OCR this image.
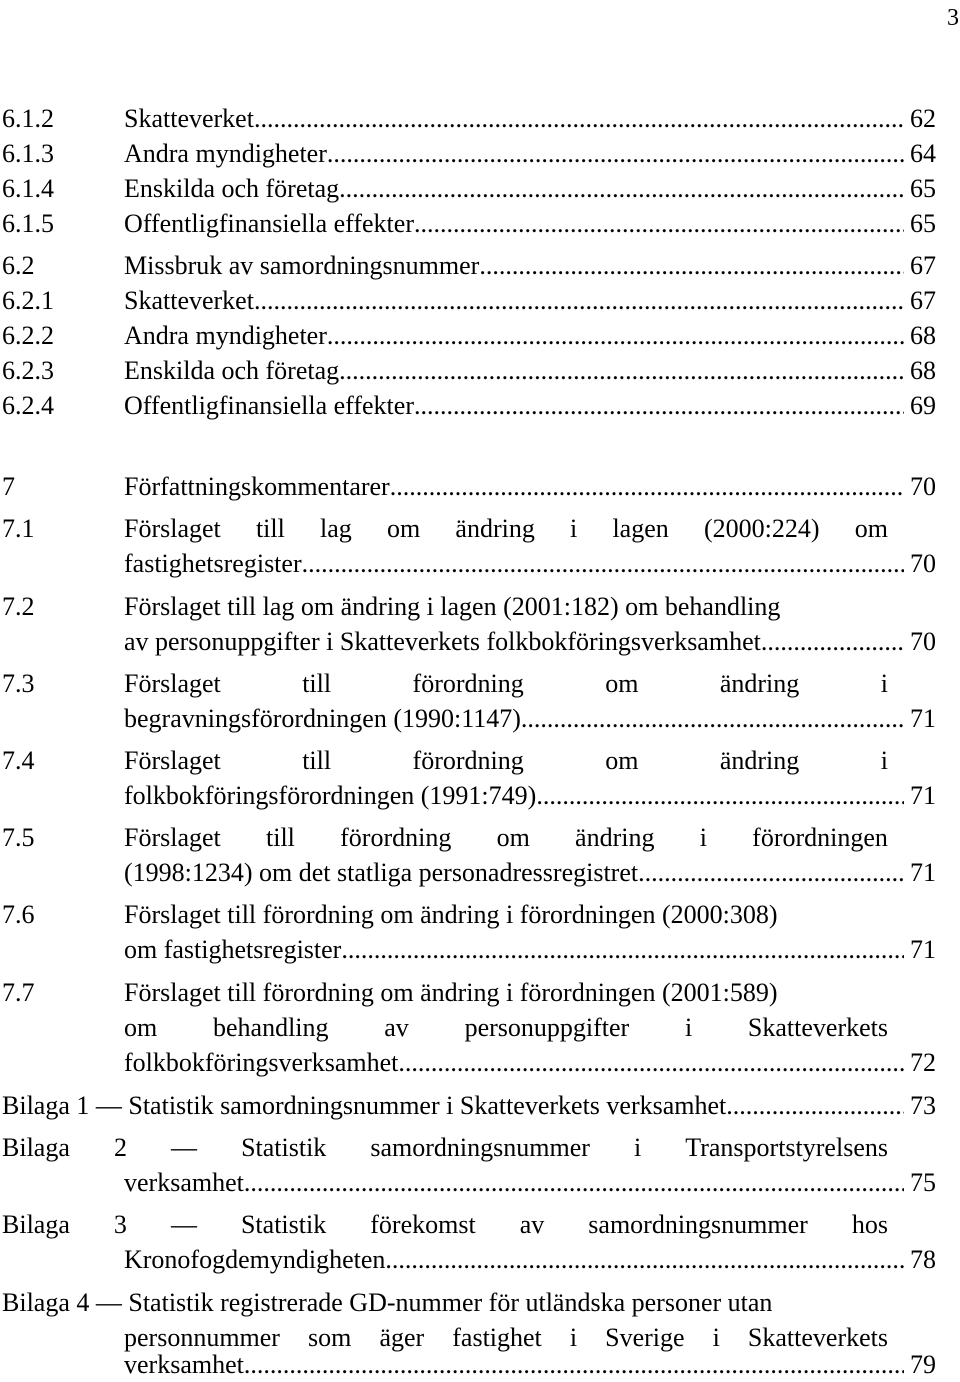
3
6.1.2	Skatteverket .....	62
6.1.3	Andra myndigheter .....	64
6.1.4	Enskilda och företag .....	65
6.1.5	Offentligfinansiella effekter .....	65
6.2	Missbruk av samordningsnummer .....	67
6.2.1	Skatteverket .....	67
6.2.2	Andra myndigheter .....	68
6.2.3	Enskilda och företag .....	68
6.2.4	Offentligfinansiella effekter .....	69
7	Författningskommentarer .....	70
7.1	Förslaget till lag om ändring i lagen (2000:224) om
fastighetsregister .....	70
7.2	Förslaget till lag om ändring i lagen (2001:182) om behandling
av personuppgifter i Skatteverkets folkbokföringsverksamhet .....	70
7.3	Förslaget	till	förordning	om	ändring	i
begravningsförordningen (1990:1147) .....	71
7.4	Förslaget	till	förordning	om	ändring	i
folkbokföringsförordningen (1991:749) .....	71
7.5	Förslaget till förordning om ändring i förordningen
(1998:1234) om det statliga personadressregistret .....	71
7.6	Förslaget till förordning om ändring i förordningen (2000:308)
om fastighetsregister .....	71
7.7	Förslaget till förordning om ändring i förordningen (2001:589)
om behandling av personuppgifter i Skatteverkets
folkbokföringsverksamhet .....	72
Bilaga 1 — Statistik samordningsnummer i Skatteverkets verksamhet .....	73
Bilaga 2 — Statistik samordningsnummer i Transportstyrelsens
verksamhet .....	75
Bilaga 3 — Statistik förekomst av samordningsnummer hos
Kronofogdemyndigheten .....	78
Bilaga 4 — Statistik registrerade GD-nummer för utländska personer utan
personnummer som äger fastighet i Sverige i Skatteverkets
verksamhet .....	79
